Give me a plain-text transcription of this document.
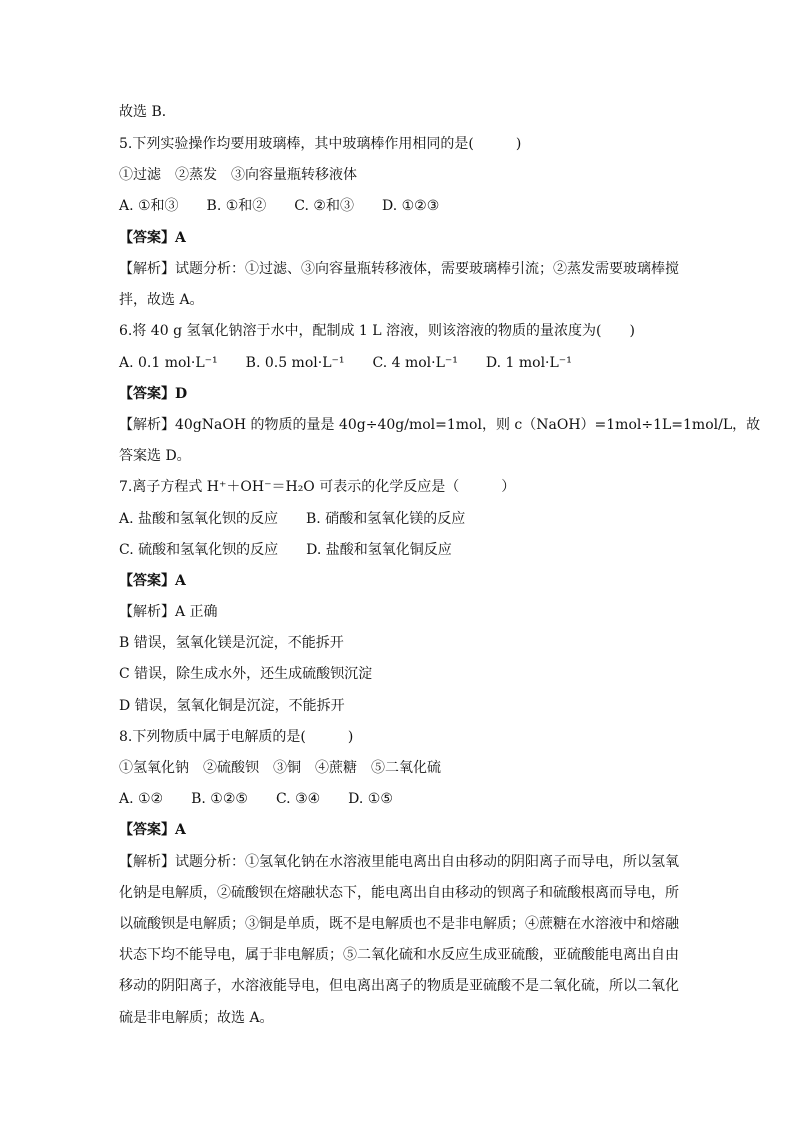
故选 B．
5.下列实验操作均要用玻璃棒，其中玻璃棒作用相同的是(　　　)
①过滤　②蒸发　③向容量瓶转移液体
A. ①和③　　B. ①和②　　C. ②和③　　D. ①②③
【答案】A
【解析】试题分析：①过滤、③向容量瓶转移液体，需要玻璃棒引流；②蒸发需要玻璃棒搅
拌，故选 A。
6.将 40 g 氢氧化钠溶于水中，配制成 1 L 溶液，则该溶液的物质的量浓度为(　　)
A. 0.1 mol·L⁻¹　　B. 0.5 mol·L⁻¹　　C. 4 mol·L⁻¹　　D. 1 mol·L⁻¹
【答案】D
【解析】40gNaOH 的物质的量是 40g÷40g/mol=1mol，则 c（NaOH）=1mol÷1L=1mol/L，故
答案选 D。
7.离子方程式 H⁺＋OH⁻＝H₂O 可表示的化学反应是（　　　）
A. 盐酸和氢氧化钡的反应　　B. 硝酸和氢氧化镁的反应
C. 硫酸和氢氧化钡的反应　　D. 盐酸和氢氧化铜反应
【答案】A
【解析】A 正确
B 错误，氢氧化镁是沉淀，不能拆开
C 错误，除生成水外，还生成硫酸钡沉淀
D 错误，氢氧化铜是沉淀，不能拆开
8.下列物质中属于电解质的是(　　　)
①氢氧化钠　②硫酸钡　③铜　④蔗糖　⑤二氧化硫
A. ①②　　B. ①②⑤　　C. ③④　　D. ①⑤
【答案】A
【解析】试题分析：①氢氧化钠在水溶液里能电离出自由移动的阴阳离子而导电，所以氢氧
化钠是电解质，②硫酸钡在熔融状态下，能电离出自由移动的钡离子和硫酸根离而导电，所
以硫酸钡是电解质；③铜是单质，既不是电解质也不是非电解质；④蔗糖在水溶液中和熔融
状态下均不能导电，属于非电解质；⑤二氧化硫和水反应生成亚硫酸，亚硫酸能电离出自由
移动的阴阳离子，水溶液能导电，但电离出离子的物质是亚硫酸不是二氧化硫，所以二氧化
硫是非电解质；故选 A。
